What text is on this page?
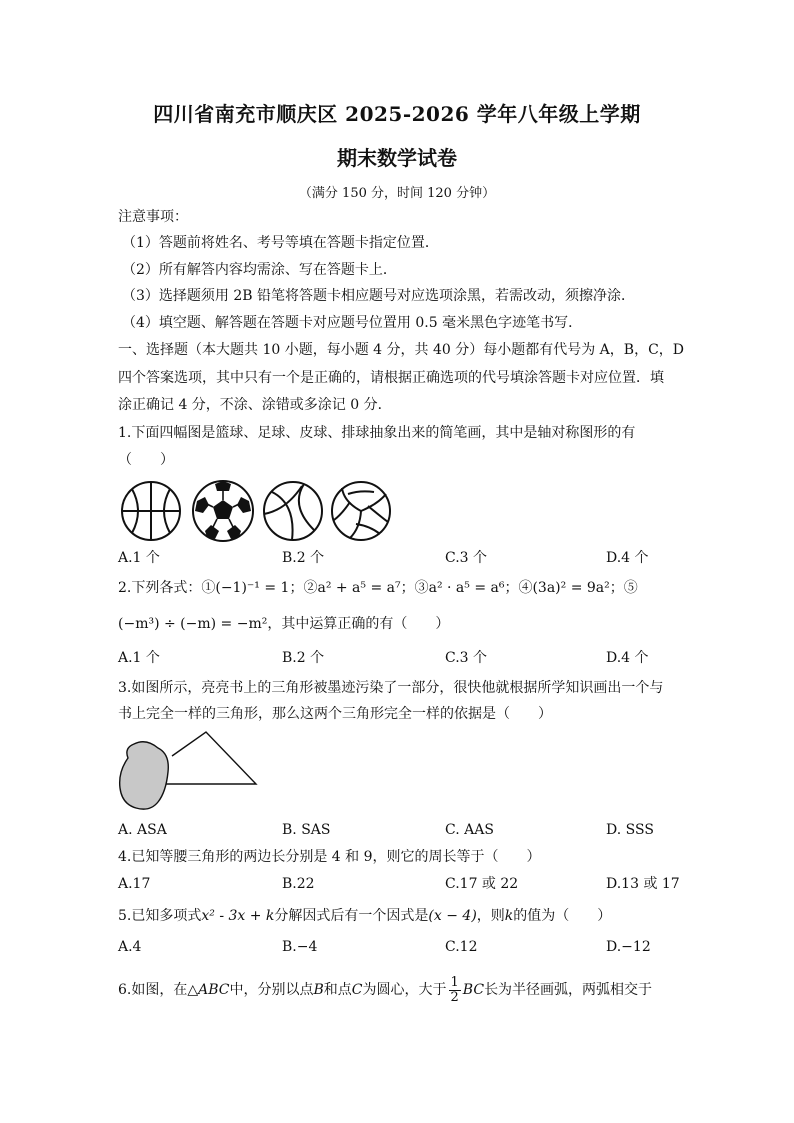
四川省南充市顺庆区 2025-2026 学年八年级上学期
期末数学试卷
（满分 150 分，时间 120 分钟）
注意事项：
（1）答题前将姓名、考号等填在答题卡指定位置．
（2）所有解答内容均需涂、写在答题卡上．
（3）选择题须用 2B 铅笔将答题卡相应题号对应选项涂黑，若需改动，须擦净涂．
（4）填空题、解答题在答题卡对应题号位置用 0.5 毫米黑色字迹笔书写．
一、选择题（本大题共 10 小题，每小题 4 分，共 40 分）每小题都有代号为 A，B，C，D
四个答案选项，其中只有一个是正确的，请根据正确选项的代号填涂答题卡对应位置．填
涂正确记 4 分，不涂、涂错或多涂记 0 分．
1.下面四幅图是篮球、足球、皮球、排球抽象出来的简笔画，其中是轴对称图形的有
（　　）
A.1 个	B.2 个	C.3 个	D.4 个
2.下列各式：①(−1)⁻¹ = 1；②a² + a⁵ = a⁷；③a² · a⁵ = a⁶；④(3a)² = 9a²；⑤
(−m³) ÷ (−m) = −m²，其中运算正确的有（　　）
A.1 个	B.2 个	C.3 个	D.4 个
3.如图所示，亮亮书上的三角形被墨迹污染了一部分，很快他就根据所学知识画出一个与
书上完全一样的三角形，那么这两个三角形完全一样的依据是（　　）
A. ASA	B. SAS	C. AAS	D. SSS
4.已知等腰三角形的两边长分别是 4 和 9，则它的周长等于（　　）
A.17	B.22	C.17 或 22	D.13 或 17
5.已知多项式x² - 3x + k分解因式后有一个因式是(x − 4)，则k的值为（　　）
A.4	B.−4	C.12	D.−12
6.如图，在△ABC中，分别以点B和点C为圆心，大于 $\frac{1}{2}$ BC长为半径画弧，两弧相交于
